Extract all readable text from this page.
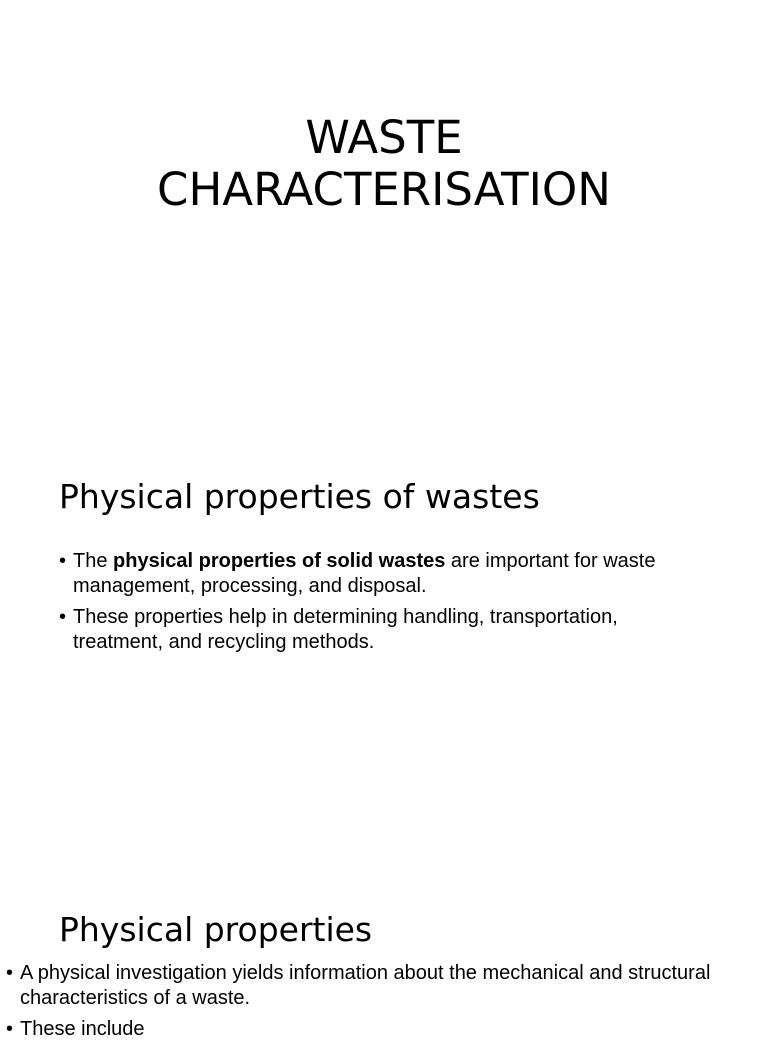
WASTE
CHARACTERISATION
Physical properties of wastes
• The physical properties of solid wastes are important for waste management, processing, and disposal.
• These properties help in determining handling, transportation, treatment, and recycling methods.
Physical properties
• A physical investigation yields information about the mechanical and structural characteristics of a waste.
• These include
